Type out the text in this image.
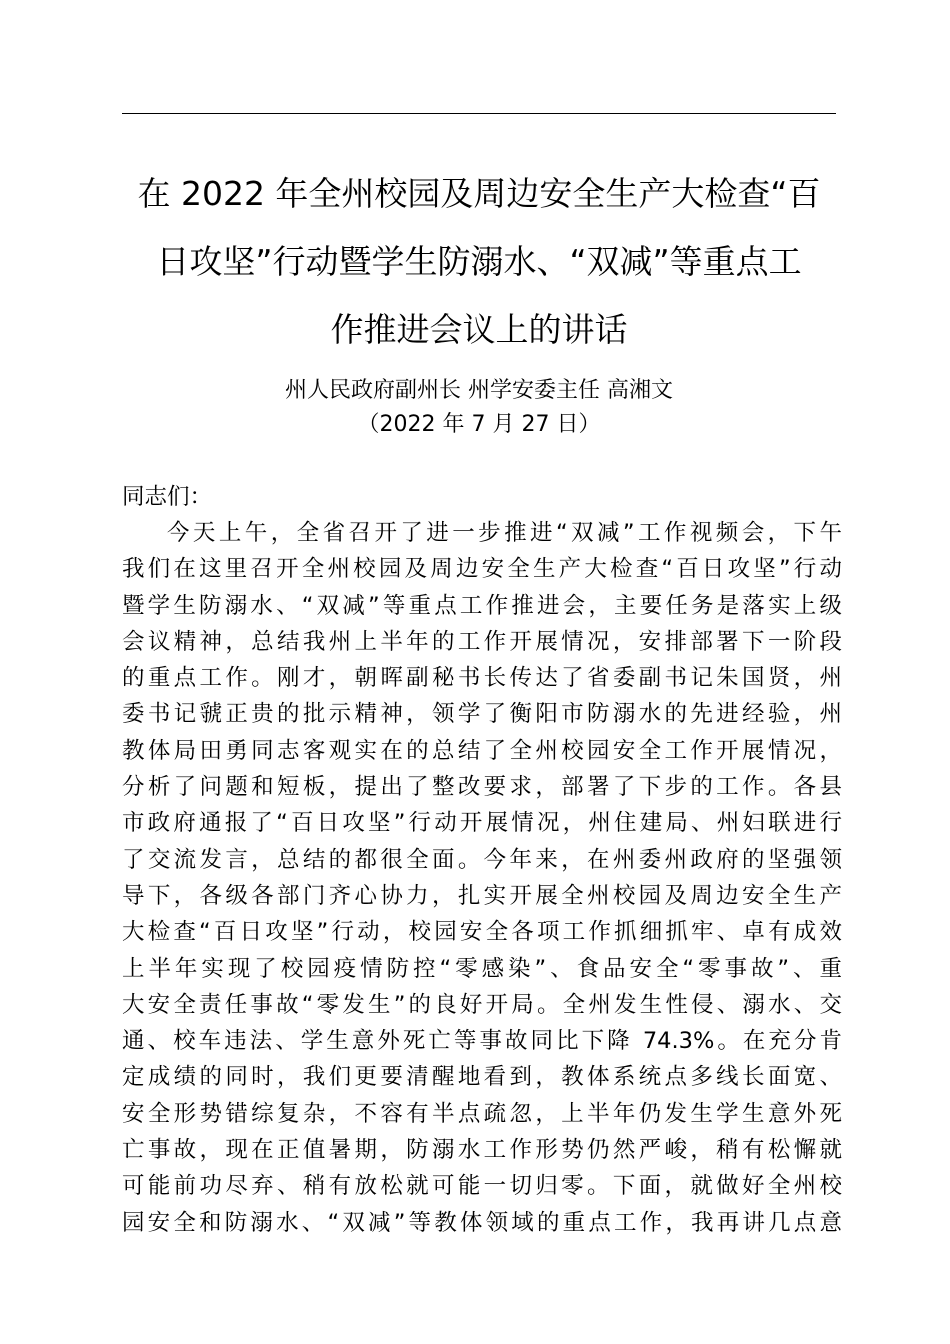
在 2022 年全州校园及周边安全生产大检查“百
日攻坚”行动暨学生防溺水、“双减”等重点工
作推进会议上的讲话

州人民政府副州长 州学安委主任 高湘文

（2022 年 7 月 27 日）

同志们：

今天上午，全省召开了进一步推进“双减”工作视频会，下午
我们在这里召开全州校园及周边安全生产大检查“百日攻坚”行动
暨学生防溺水、“双减”等重点工作推进会，主要任务是落实上级
会议精神，总结我州上半年的工作开展情况，安排部署下一阶段
的重点工作。刚才，朝晖副秘书长传达了省委副书记朱国贤，州
委书记虢正贵的批示精神，领学了衡阳市防溺水的先进经验，州
教体局田勇同志客观实在的总结了全州校园安全工作开展情况，
分析了问题和短板，提出了整改要求，部署了下步的工作。各县
市政府通报了“百日攻坚”行动开展情况，州住建局、州妇联进行
了交流发言，总结的都很全面。今年来，在州委州政府的坚强领
导下，各级各部门齐心协力，扎实开展全州校园及周边安全生产
大检查“百日攻坚”行动，校园安全各项工作抓细抓牢、卓有成效
上半年实现了校园疫情防控“零感染”、食品安全“零事故”、重
大安全责任事故“零发生”的良好开局。全州发生性侵、溺水、交
通、校车违法、学生意外死亡等事故同比下降 74.3%。在充分肯
定成绩的同时，我们更要清醒地看到，教体系统点多线长面宽、
安全形势错综复杂，不容有半点疏忽，上半年仍发生学生意外死
亡事故，现在正值暑期，防溺水工作形势仍然严峻，稍有松懈就
可能前功尽弃、稍有放松就可能一切归零。下面，就做好全州校
园安全和防溺水、“双减”等教体领域的重点工作，我再讲几点意
